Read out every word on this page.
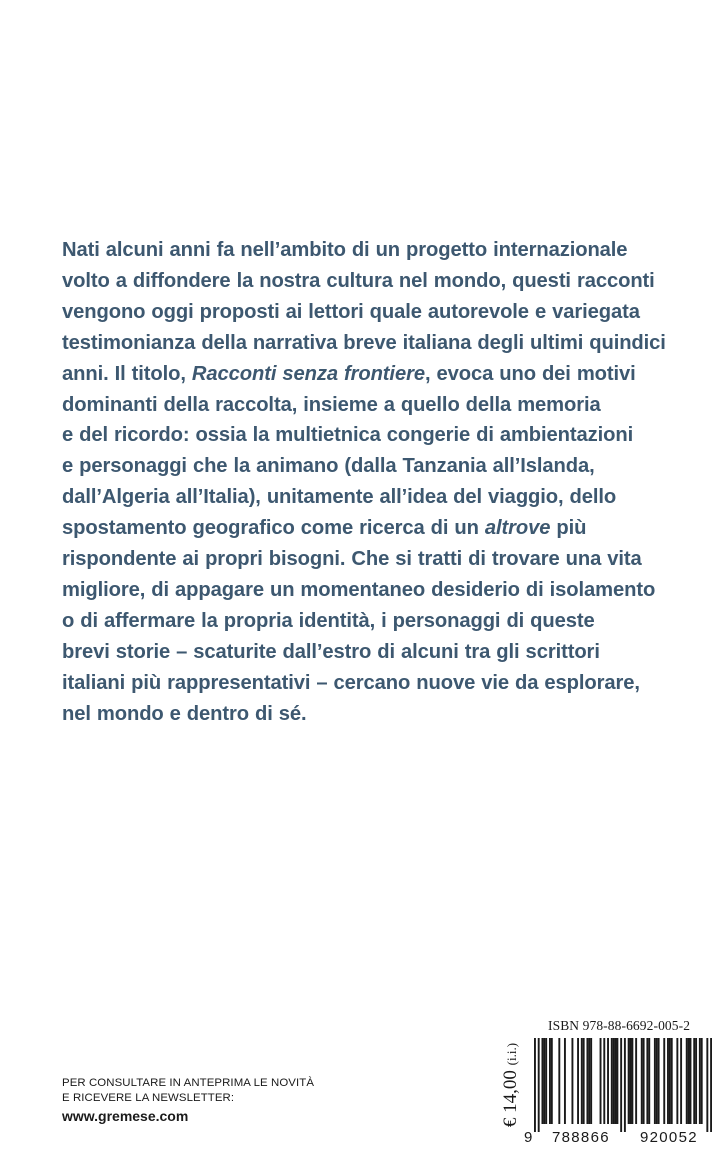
Nati alcuni anni fa nell’ambito di un progetto internazionale
volto a diffondere la nostra cultura nel mondo, questi racconti
vengono oggi proposti ai lettori quale autorevole e variegata
testimonianza della narrativa breve italiana degli ultimi quindici
anni. Il titolo, Racconti senza frontiere, evoca uno dei motivi
dominanti della raccolta, insieme a quello della memoria
e del ricordo: ossia la multietnica congerie di ambientazioni
e personaggi che la animano (dalla Tanzania all’Islanda,
dall’Algeria all’Italia), unitamente all’idea del viaggio, dello
spostamento geografico come ricerca di un altrove più
rispondente ai propri bisogni. Che si tratti di trovare una vita
migliore, di appagare un momentaneo desiderio di isolamento
o di affermare la propria identità, i personaggi di queste
brevi storie – scaturite dall’estro di alcuni tra gli scrittori
italiani più rappresentativi – cercano nuove vie da esplorare,
nel mondo e dentro di sé.
PER CONSULTARE IN ANTEPRIMA LE NOVITÀ
E RICEVERE LA NEWSLETTER:
www.gremese.com	€ 14,00 (i.i.)
ISBN 978-88-6692-005-2
9 788866 920052
